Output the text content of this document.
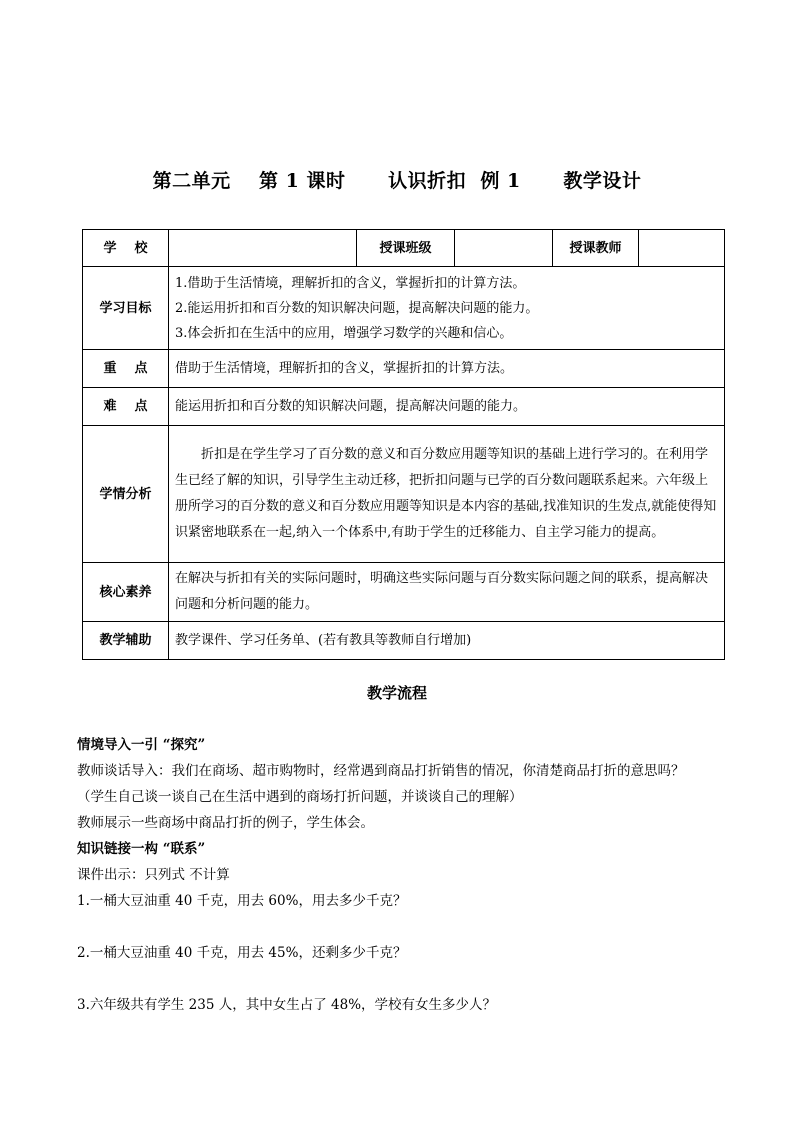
第二单元    第 1 课时      认识折扣  例 1      教学设计
学    校		授课班级		授课教师	
学习目标	1.借助于生活情境，理解折扣的含义，掌握折扣的计算方法。
2.能运用折扣和百分数的知识解决问题，提高解决问题的能力。
3.体会折扣在生活中的应用，增强学习数学的兴趣和信心。				

重    点	借助于生活情境，理解折扣的含义，掌握折扣的计算方法。				
难    点	能运用折扣和百分数的知识解决问题，提高解决问题的能力。				
学情分析	折扣是在学生学习了百分数的意义和百分数应用题等知识的基础上进行学习的。在利用学生已经了解的知识，引导学生主动迁移，把折扣问题与已学的百分数问题联系起来。六年级上册所学习的百分数的意义和百分数应用题等知识是本内容的基础,找准知识的生发点,就能使得知识紧密地联系在一起,纳入一个体系中,有助于学生的迁移能力、自主学习能力的提高。				
核心素养	在解决与折扣有关的实际问题时，明确这些实际问题与百分数实际问题之间的联系，提高解决问题和分析问题的能力。				
教学辅助	教学课件、学习任务单、(若有教具等教师自行增加)				
教学流程

情境导入一引 “探究”

教师谈话导入：我们在商场、超市购物时，经常遇到商品打折销售的情况，你清楚商品打折的意思吗？

（学生自己谈一谈自己在生活中遇到的商场打折问题，并谈谈自己的理解）

教师展示一些商场中商品打折的例子，学生体会。

知识链接一构 “联系”

课件出示：只列式 不计算

1.一桶大豆油重 40 千克，用去 60%，用去多少千克？

2.一桶大豆油重 40 千克，用去 45%，还剩多少千克？

3.六年级共有学生 235 人，其中女生占了 48%，学校有女生多少人？
